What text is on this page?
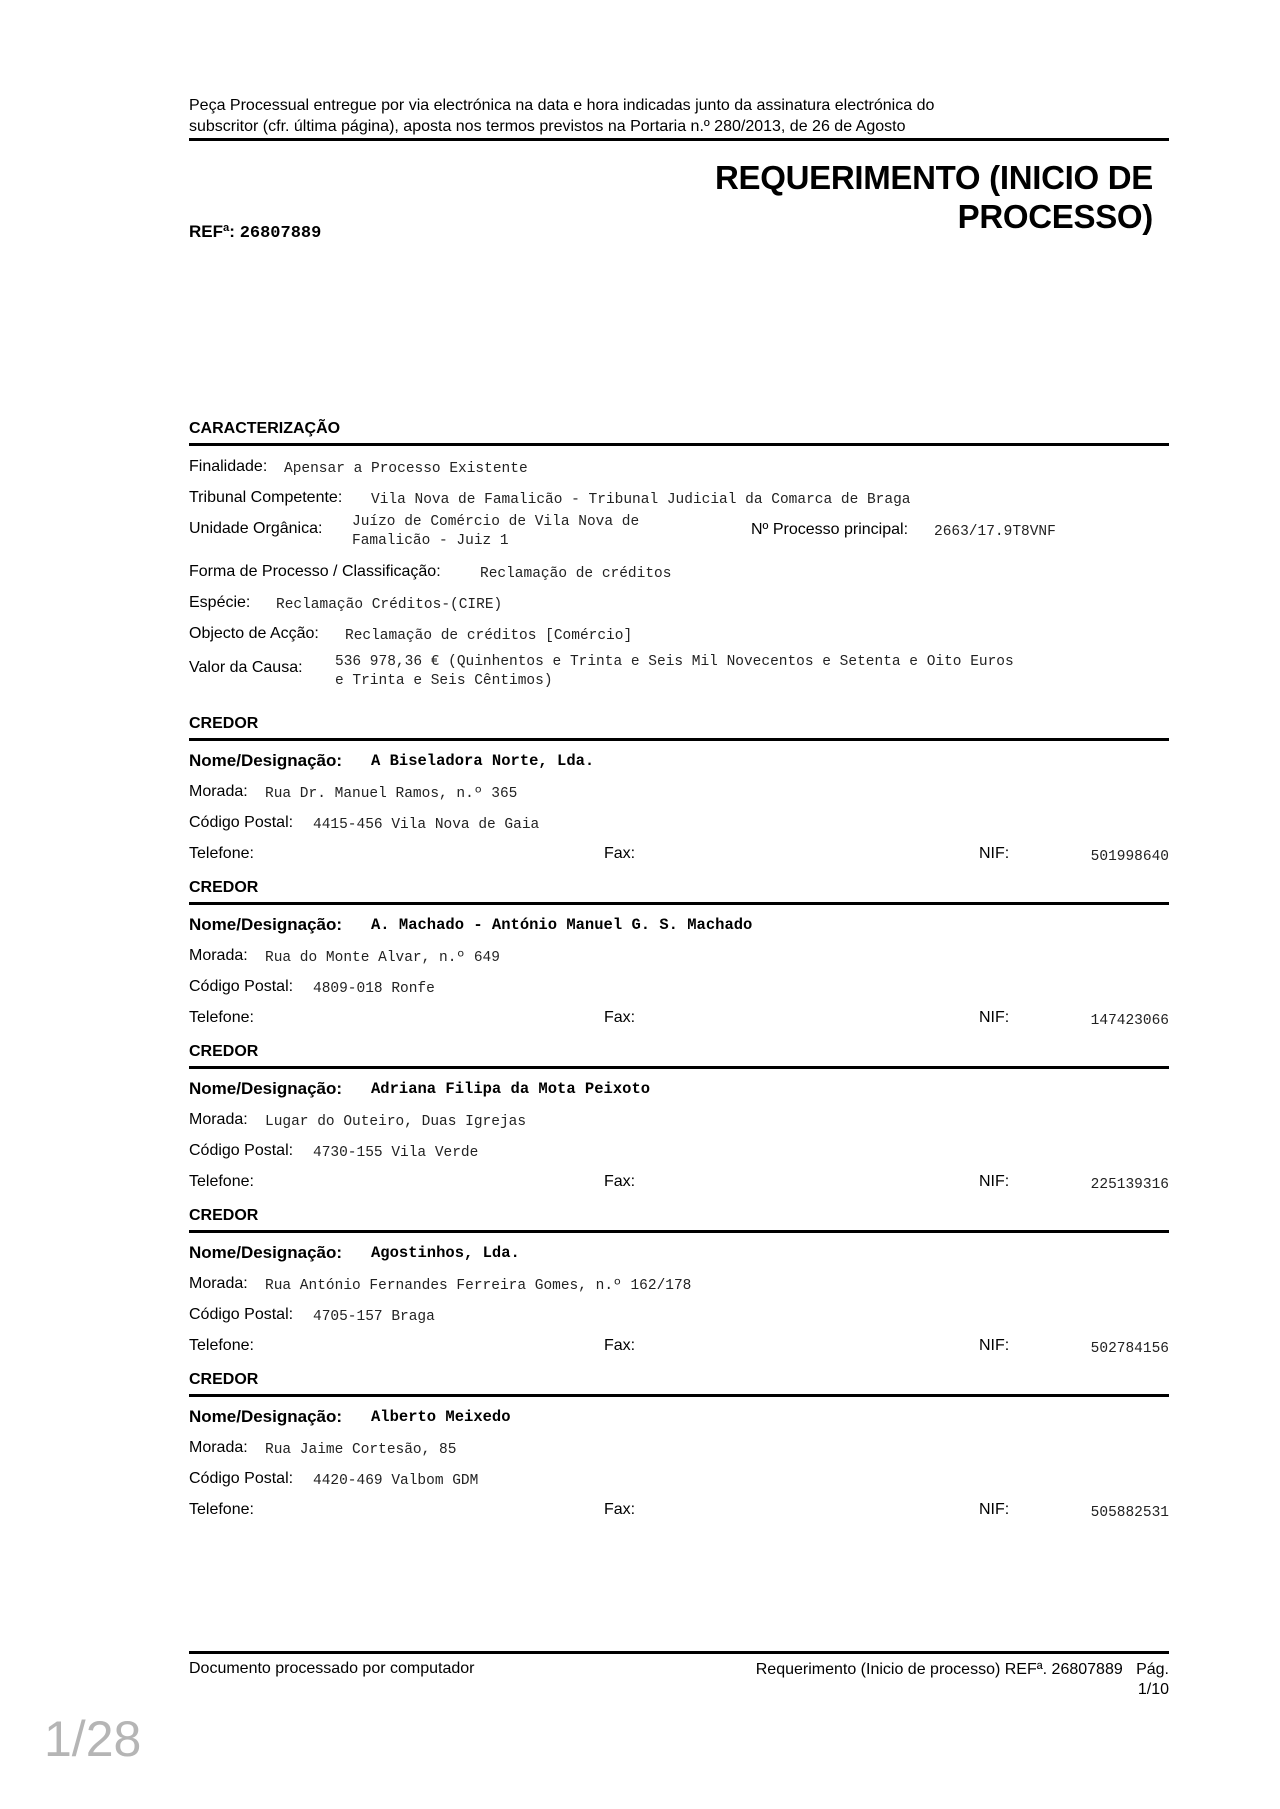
Peça Processual entregue por via electrónica na data e hora indicadas junto da assinatura electrónica do
subscritor (cfr. última página), aposta nos termos previstos na Portaria n.º 280/2013, de 26 de Agosto
REQUERIMENTO (INICIO DE
PROCESSO)
REFª: 26807889
CARACTERIZAÇÃO
Finalidade: Apensar a Processo Existente
Tribunal Competente: Vila Nova de Famalicão - Tribunal Judicial da Comarca de Braga
Unidade Orgânica: Juízo de Comércio de Vila Nova de
Famalicão - Juiz 1
Nº Processo principal: 2663/17.9T8VNF
Forma de Processo / Classificação:	Reclamação de créditos
Espécie: Reclamação Créditos-(CIRE)
Objecto de Acção: Reclamação de créditos [Comércio]
Valor da Causa: 536 978,36 € (Quinhentos e Trinta e Seis Mil Novecentos e Setenta e Oito Euros
e Trinta e Seis Cêntimos)
CREDOR
Nome/Designação: A Biseladora Norte, Lda.
Morada: Rua Dr. Manuel Ramos, n.º 365
Código Postal: 4415-456 Vila Nova de Gaia
Telefone:	Fax:	NIF:	501998640
CREDOR
Nome/Designação: A. Machado - António Manuel G. S. Machado
Morada: Rua do Monte Alvar, n.º 649
Código Postal: 4809-018 Ronfe
Telefone:	Fax:	NIF:	147423066
CREDOR
Nome/Designação: Adriana Filipa da Mota Peixoto
Morada: Lugar do Outeiro, Duas Igrejas
Código Postal: 4730-155 Vila Verde
Telefone:	Fax:	NIF:	225139316
CREDOR
Nome/Designação: Agostinhos, Lda.
Morada: Rua António Fernandes Ferreira Gomes, n.º 162/178
Código Postal: 4705-157 Braga
Telefone:	Fax:	NIF:	502784156
CREDOR
Nome/Designação: Alberto Meixedo
Morada: Rua Jaime Cortesão, 85
Código Postal: 4420-469 Valbom GDM
Telefone:	Fax:	NIF:	505882531
Documento processado por computador	Requerimento (Inicio de processo) REFª. 26807889   Pág.
1/10
1/28
